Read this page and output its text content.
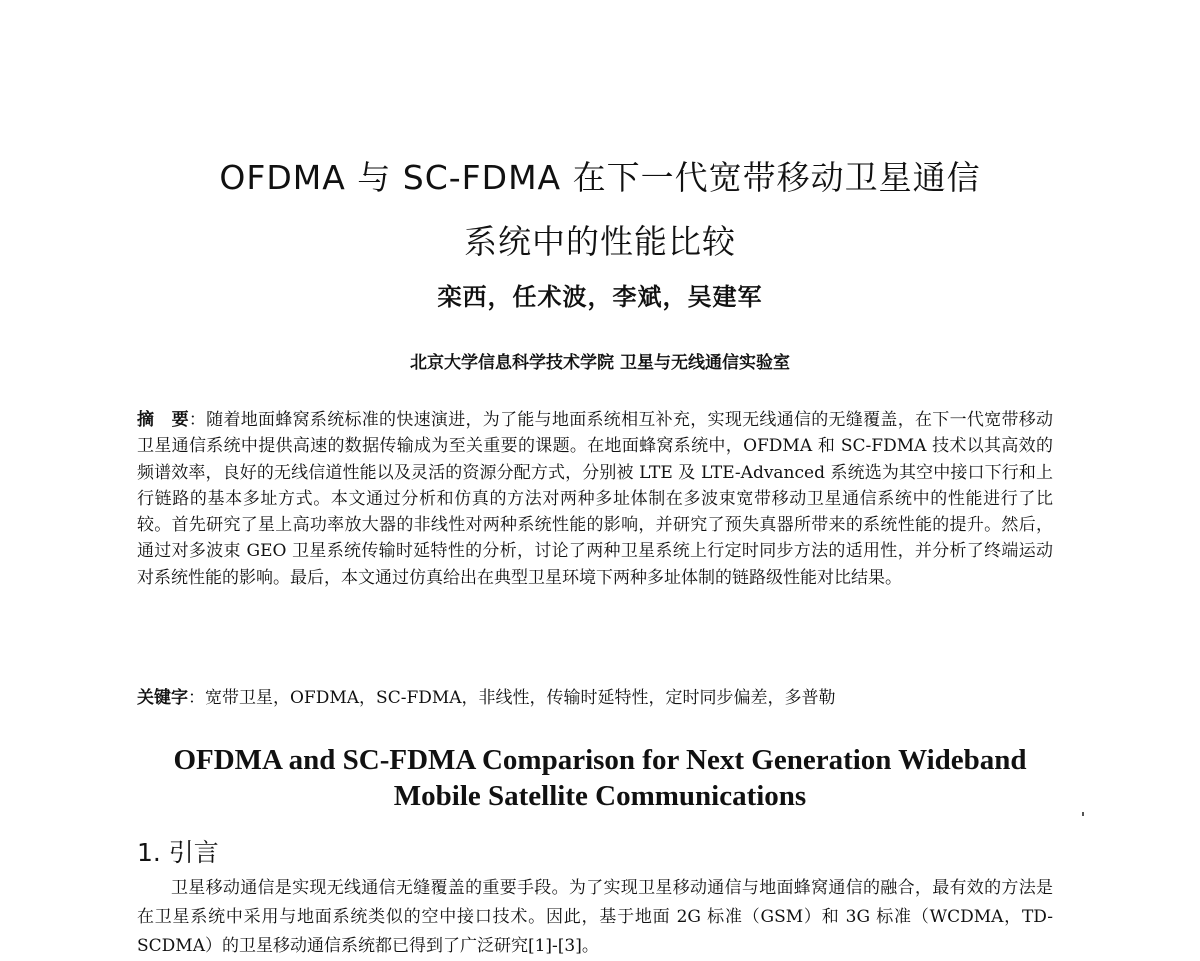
OFDMA 与 SC-FDMA 在下一代宽带移动卫星通信
系统中的性能比较
栾西，任术波，李斌，吴建军
北京大学信息科学技术学院 卫星与无线通信实验室

摘　要：随着地面蜂窝系统标准的快速演进，为了能与地面系统相互补充，实现无线通信的无缝覆盖，在下一代宽带移动卫星通信系统中提供高速的数据传输成为至关重要的课题。在地面蜂窝系统中，OFDMA 和 SC-FDMA 技术以其高效的频谱效率，良好的无线信道性能以及灵活的资源分配方式，分别被 LTE 及 LTE-Advanced 系统选为其空中接口下行和上行链路的基本多址方式。本文通过分析和仿真的方法对两种多址体制在多波束宽带移动卫星通信系统中的性能进行了比较。首先研究了星上高功率放大器的非线性对两种系统性能的影响，并研究了预失真器所带来的系统性能的提升。然后，通过对多波束 GEO 卫星系统传输时延特性的分析，讨论了两种卫星系统上行定时同步方法的适用性，并分析了终端运动对系统性能的影响。最后，本文通过仿真给出在典型卫星环境下两种多址体制的链路级性能对比结果。

关键字：宽带卫星，OFDMA，SC-FDMA，非线性，传输时延特性，定时同步偏差，多普勒

OFDMA and SC-FDMA Comparison for Next Generation Wideband
Mobile Satellite Communications
1. 引言

卫星移动通信是实现无线通信无缝覆盖的重要手段。为了实现卫星移动通信与地面蜂窝通信的融合，最有效的方法是在卫星系统中采用与地面系统类似的空中接口技术。因此，基于地面 2G 标准（GSM）和 3G 标准（WCDMA，TD-SCDMA）的卫星移动通信系统都已得到了广泛研究[1]-[3]。
